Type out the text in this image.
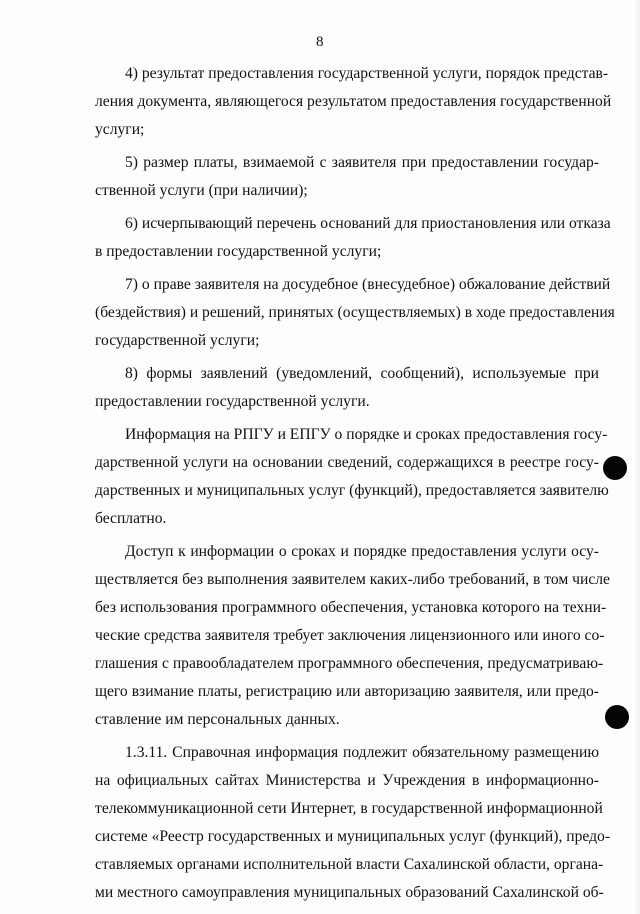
8
4) результат предоставления государственной услуги, порядок представ-
ления документа, являющегося результатом предоставления государственной
услуги;
5) размер платы, взимаемой с заявителя при предоставлении государ-
ственной услуги (при наличии);
6) исчерпывающий перечень оснований для приостановления или отказа
в предоставлении государственной услуги;
7) о праве заявителя на досудебное (внесудебное) обжалование действий
(бездействия) и решений, принятых (осуществляемых) в ходе предоставления
государственной услуги;
8) формы заявлений (уведомлений, сообщений), используемые при
предоставлении государственной услуги.
Информация на РПГУ и ЕПГУ о порядке и сроках предоставления госу-
дарственной услуги на основании сведений, содержащихся в реестре госу-
дарственных и муниципальных услуг (функций), предоставляется заявителю
бесплатно.
Доступ к информации о сроках и порядке предоставления услуги осу-
ществляется без выполнения заявителем каких-либо требований, в том числе
без использования программного обеспечения, установка которого на техни-
ческие средства заявителя требует заключения лицензионного или иного со-
глашения с правообладателем программного обеспечения, предусматриваю-
щего взимание платы, регистрацию или авторизацию заявителя, или предо-
ставление им персональных данных.
1.3.11. Справочная информация подлежит обязательному размещению
на официальных сайтах Министерства и Учреждения в информационно-
телекоммуникационной сети Интернет, в государственной информационной
системе «Реестр государственных и муниципальных услуг (функций), предо-
ставляемых органами исполнительной власти Сахалинской области, органа-
ми местного самоуправления муниципальных образований Сахалинской об-
